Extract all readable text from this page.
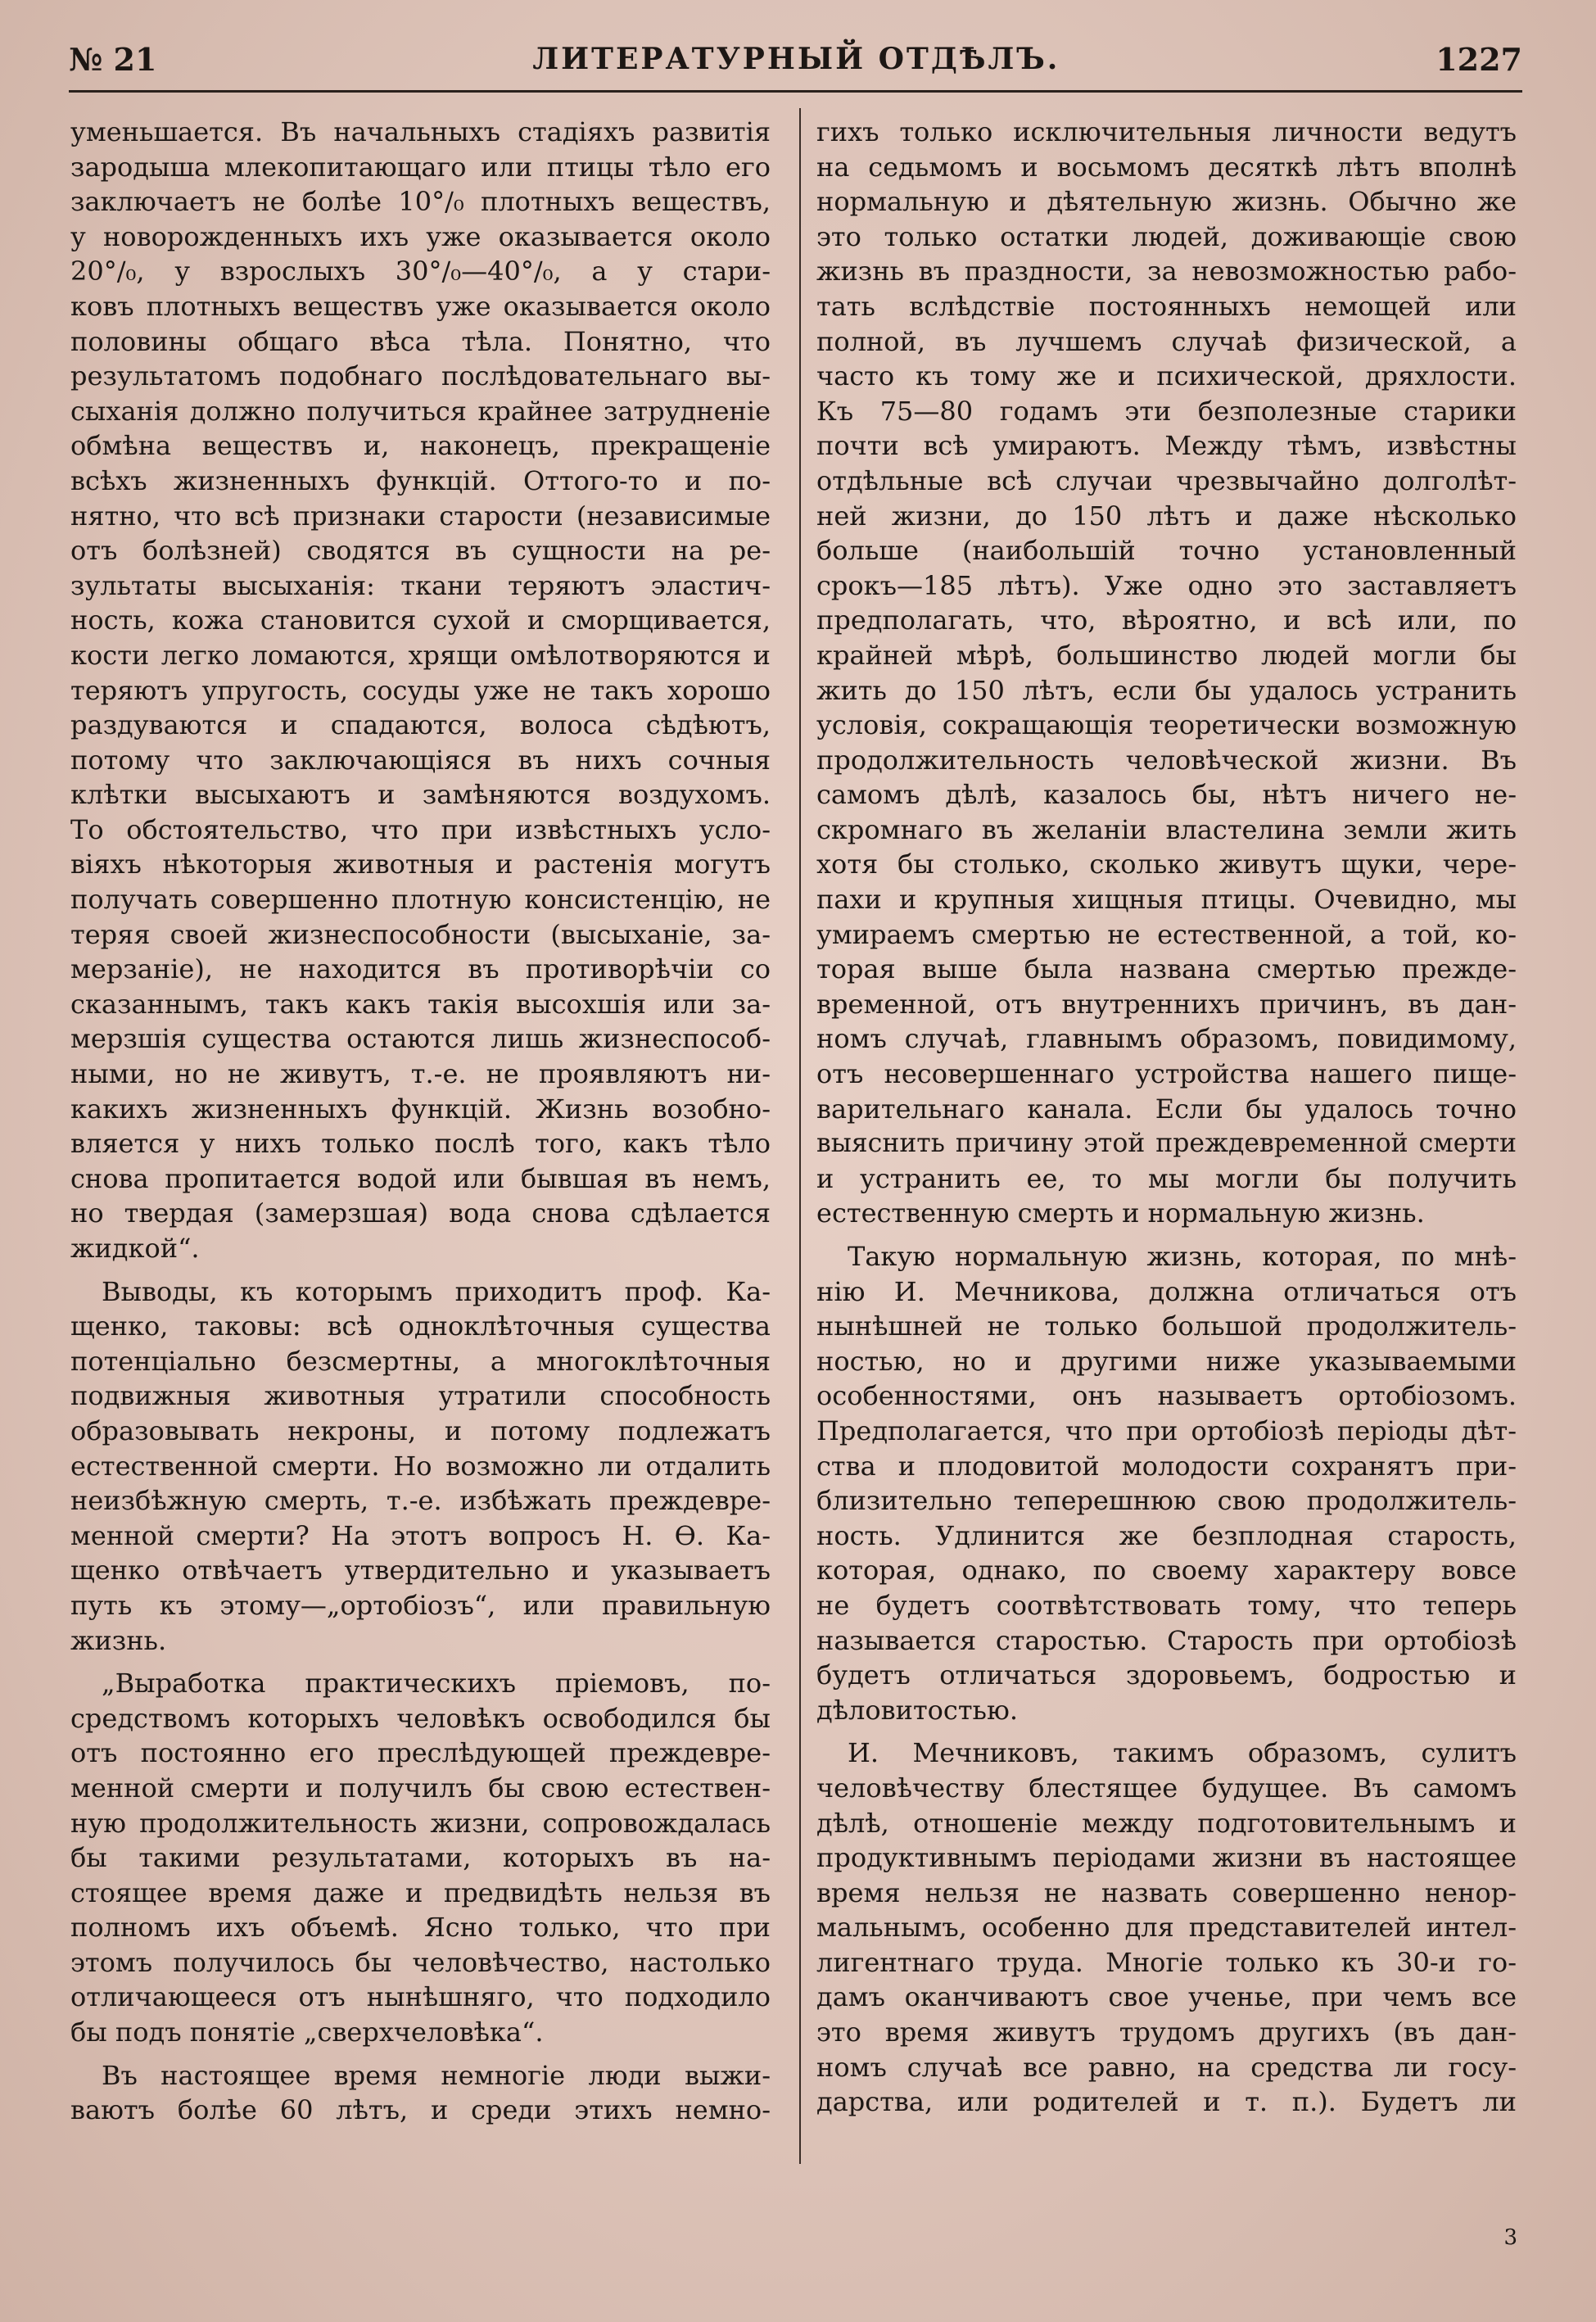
№ 21	ЛИТЕРАТУРНЫЙ ОТДѢЛЪ.	1227

уменьшается. Въ начальныхъ стадіяхъ развитія

зародыша млекопитающаго или птицы тѣло его

заключаетъ не болѣе 10°/₀ плотныхъ веществъ,

у новорожденныхъ ихъ уже оказывается около

20°/₀, у взрослыхъ 30°/₀—40°/₀, а у стари-

ковъ плотныхъ веществъ уже оказывается около

половины общаго вѣса тѣла. Понятно, что

результатомъ подобнаго послѣдовательнаго вы-

сыханія должно получиться крайнее затрудненіе

обмѣна веществъ и, наконецъ, прекращеніе

всѣхъ жизненныхъ функцій. Оттого-то и по-

нятно, что всѣ признаки старости (независимые

отъ болѣзней) сводятся въ сущности на ре-

зультаты высыханія: ткани теряютъ эластич-

ность, кожа становится сухой и сморщивается,

кости легко ломаются, хрящи омѣлотворяются и

теряютъ упругость, сосуды уже не такъ хорошо

раздуваются и спадаются, волоса сѣдѣютъ,

потому что заключающіяся въ нихъ сочныя

клѣтки высыхаютъ и замѣняются воздухомъ.

То обстоятельство, что при извѣстныхъ усло-

віяхъ нѣкоторыя животныя и растенія могутъ

получать совершенно плотную консистенцію, не

теряя своей жизнеспособности (высыханіе, за-

мерзаніе), не находится въ противорѣчіи со

сказаннымъ, такъ какъ такія высохшія или за-

мерзшія существа остаются лишь жизнеспособ-

ными, но не живутъ, т.-е. не проявляютъ ни-

какихъ жизненныхъ функцій. Жизнь возобно-

вляется у нихъ только послѣ того, какъ тѣло

снова пропитается водой или бывшая въ немъ,

но твердая (замерзшая) вода снова сдѣлается

жидкой“.

Выводы, къ которымъ приходитъ проф. Ка-

щенко, таковы: всѣ одноклѣточныя существа

потенціально безсмертны, а многоклѣточныя

подвижныя животныя утратили способность

образовывать некроны, и потому подлежатъ

естественной смерти. Но возможно ли отдалить

неизбѣжную смерть, т.-е. избѣжать преждевре-

менной смерти? На этотъ вопросъ Н. Ѳ. Ка-

щенко отвѣчаетъ утвердительно и указываетъ

путь къ этому—„ортобіозъ“, или правильную

жизнь.

„Выработка практическихъ пріемовъ, по-

средствомъ которыхъ человѣкъ освободился бы

отъ постоянно его преслѣдующей преждевре-

менной смерти и получилъ бы свою естествен-

ную продолжительность жизни, сопровождалась

бы такими результатами, которыхъ въ на-

стоящее время даже и предвидѣть нельзя въ

полномъ ихъ объемѣ. Ясно только, что при

этомъ получилось бы человѣчество, настолько

отличающееся отъ нынѣшняго, что подходило

бы подъ понятіе „сверхчеловѣка“.

Въ настоящее время немногіе люди выжи-

ваютъ болѣе 60 лѣтъ, и среди этихъ немно-

гихъ только исключительныя личности ведутъ

на седьмомъ и восьмомъ десяткѣ лѣтъ вполнѣ

нормальную и дѣятельную жизнь. Обычно же

это только остатки людей, доживающіе свою

жизнь въ праздности, за невозможностью рабо-

тать вслѣдствіе постоянныхъ немощей или

полной, въ лучшемъ случаѣ физической, а

часто къ тому же и психической, дряхлости.

Къ 75—80 годамъ эти безполезные старики

почти всѣ умираютъ. Между тѣмъ, извѣстны

отдѣльные всѣ случаи чрезвычайно долголѣт-

ней жизни, до 150 лѣтъ и даже нѣсколько

больше (наибольшій точно установленный

срокъ—185 лѣтъ). Уже одно это заставляетъ

предполагать, что, вѣроятно, и всѣ или, по

крайней мѣрѣ, большинство людей могли бы

жить до 150 лѣтъ, если бы удалось устранить

условія, сокращающія теоретически возможную

продолжительность человѣческой жизни. Въ

самомъ дѣлѣ, казалось бы, нѣтъ ничего не-

скромнаго въ желаніи властелина земли жить

хотя бы столько, сколько живутъ щуки, чере-

пахи и крупныя хищныя птицы. Очевидно, мы

умираемъ смертью не естественной, а той, ко-

торая выше была названа смертью прежде-

временной, отъ внутреннихъ причинъ, въ дан-

номъ случаѣ, главнымъ образомъ, повидимому,

отъ несовершеннаго устройства нашего пище-

варительнаго канала. Если бы удалось точно

выяснить причину этой преждевременной смерти

и устранить ее, то мы могли бы получить

естественную смерть и нормальную жизнь.

Такую нормальную жизнь, которая, по мнѣ-

нію И. Мечникова, должна отличаться отъ

нынѣшней не только большой продолжитель-

ностью, но и другими ниже указываемыми

особенностями, онъ называетъ ортобіозомъ.

Предполагается, что при ортобіозѣ періоды дѣт-

ства и плодовитой молодости сохранятъ при-

близительно теперешнюю свою продолжитель-

ность. Удлинится же безплодная старость,

которая, однако, по своему характеру вовсе

не будетъ соотвѣтствовать тому, что теперь

называется старостью. Старость при ортобіозѣ

будетъ отличаться здоровьемъ, бодростью и

дѣловитостью.

И. Мечниковъ, такимъ образомъ, сулитъ

человѣчеству блестящее будущее. Въ самомъ

дѣлѣ, отношеніе между подготовительнымъ и

продуктивнымъ періодами жизни въ настоящее

время нельзя не назвать совершенно ненор-

мальнымъ, особенно для представителей интел-

лигентнаго труда. Многіе только къ 30-и го-

дамъ оканчиваютъ свое ученье, при чемъ все

это время живутъ трудомъ другихъ (въ дан-

номъ случаѣ все равно, на средства ли госу-

дарства, или родителей и т. п.). Будетъ ли

3
